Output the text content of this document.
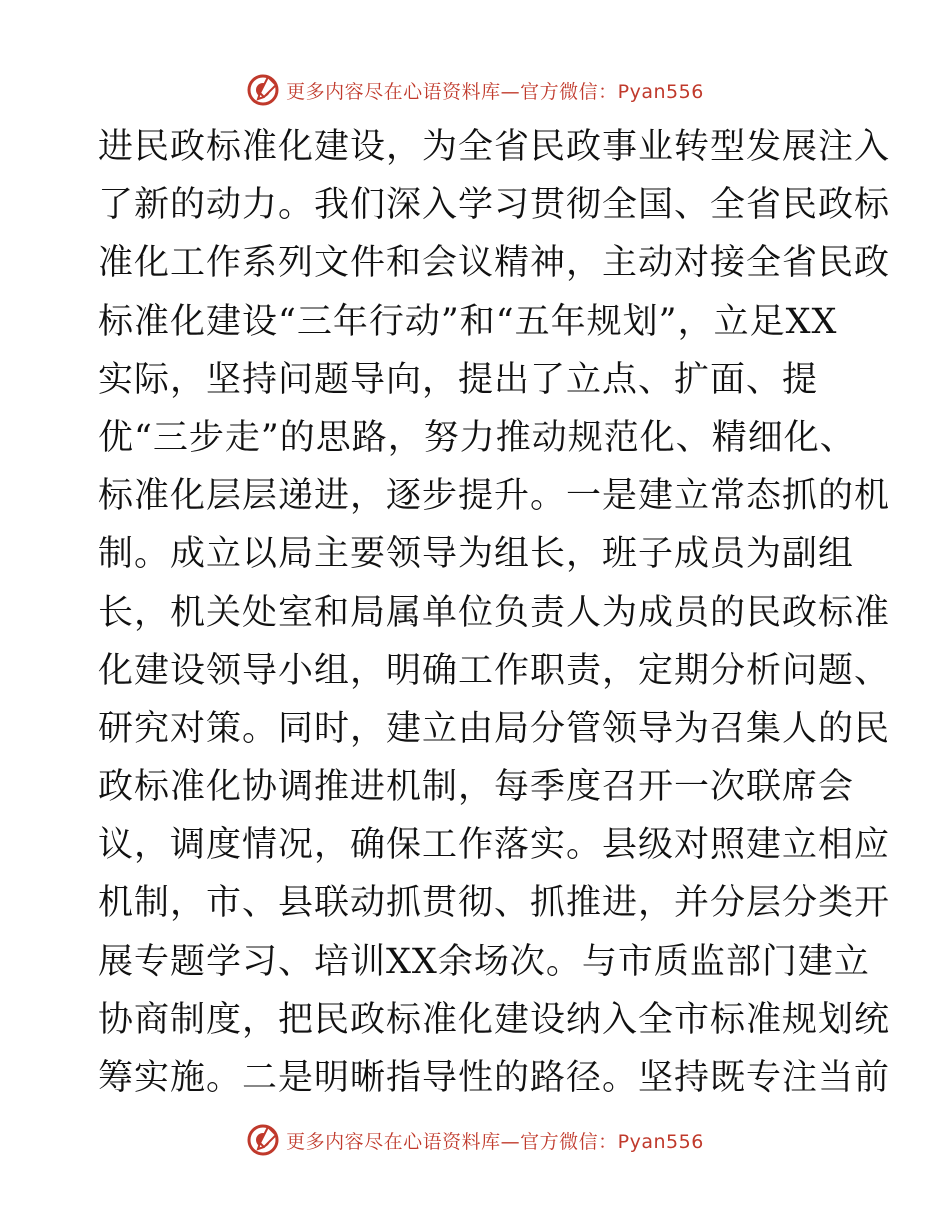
更多内容尽在心语资料库—官方微信：Pyan556
进民政标准化建设，为全省民政事业转型发展注入
了新的动力。我们深入学习贯彻全国、全省民政标
准化工作系列文件和会议精神，主动对接全省民政
标准化建设“三年行动”和“五年规划”，立足XX
实际，坚持问题导向，提出了立点、扩面、提
优“三步走”的思路，努力推动规范化、精细化、
标准化层层递进，逐步提升。一是建立常态抓的机
制。成立以局主要领导为组长，班子成员为副组
长，机关处室和局属单位负责人为成员的民政标准
化建设领导小组，明确工作职责，定期分析问题、
研究对策。同时，建立由局分管领导为召集人的民
政标准化协调推进机制，每季度召开一次联席会
议，调度情况，确保工作落实。县级对照建立相应
机制，市、县联动抓贯彻、抓推进，并分层分类开
展专题学习、培训XX余场次。与市质监部门建立
协商制度，把民政标准化建设纳入全市标准规划统
筹实施。二是明晰指导性的路径。坚持既专注当前
更多内容尽在心语资料库—官方微信：Pyan556
